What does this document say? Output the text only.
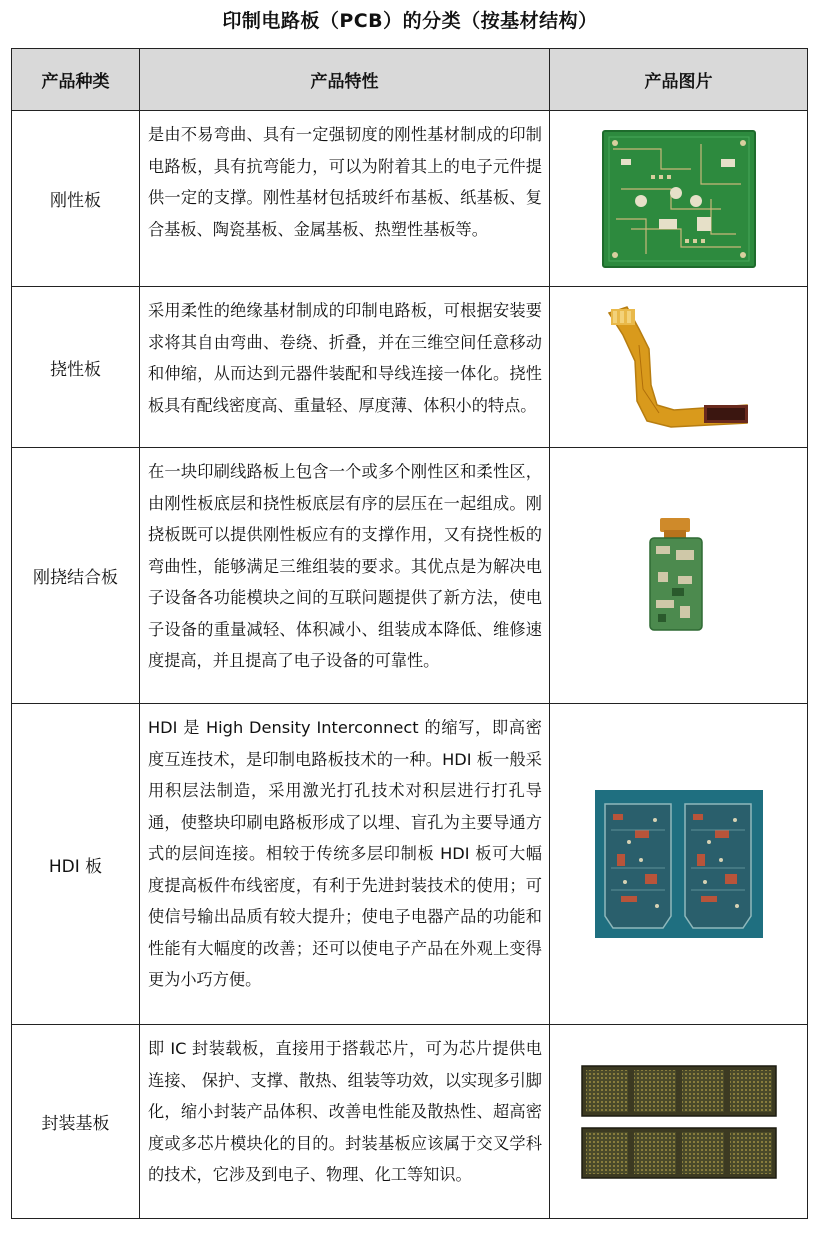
印制电路板（PCB）的分类（按基材结构）
产品种类	产品特性	产品图片
刚性板	是由不易弯曲、具有一定强韧度的刚性基材制成的印制电路板，具有抗弯能力，可以为附着其上的电子元件提供一定的支撑。刚性基材包括玻纤布基板、纸基板、复合基板、陶瓷基板、金属基板、热塑性基板等。	

挠性板	采用柔性的绝缘基材制成的印制电路板，可根据安装要求将其自由弯曲、卷绕、折叠，并在三维空间任意移动和伸缩，从而达到元器件装配和导线连接一体化。挠性板具有配线密度高、重量轻、厚度薄、体积小的特点。	

刚挠结合板	在一块印刷线路板上包含一个或多个刚性区和柔性区，由刚性板底层和挠性板底层有序的层压在一起组成。刚挠板既可以提供刚性板应有的支撑作用，又有挠性板的弯曲性，能够满足三维组装的要求。其优点是为解决电子设备各功能模块之间的互联问题提供了新方法，使电子设备的重量减轻、体积减小、组装成本降低、维修速度提高，并且提高了电子设备的可靠性。	

HDI 板	HDI 是 High Density Interconnect 的缩写，即高密度互连技术，是印制电路板技术的一种。HDI 板一般采用积层法制造，采用激光打孔技术对积层进行打孔导通，使整块印刷电路板形成了以埋、盲孔为主要导通方式的层间连接。相较于传统多层印制板 HDI 板可大幅度提高板件布线密度，有利于先进封装技术的使用；可使信号输出品质有较大提升；使电子电器产品的功能和性能有大幅度的改善；还可以使电子产品在外观上变得更为小巧方便。	

封装基板	即 IC 封装载板，直接用于搭载芯片，可为芯片提供电连接、 保护、支撑、散热、组装等功效，以实现多引脚化，缩小封装产品体积、改善电性能及散热性、超高密度或多芯片模块化的目的。封装基板应该属于交叉学科的技术，它涉及到电子、物理、化工等知识。	
